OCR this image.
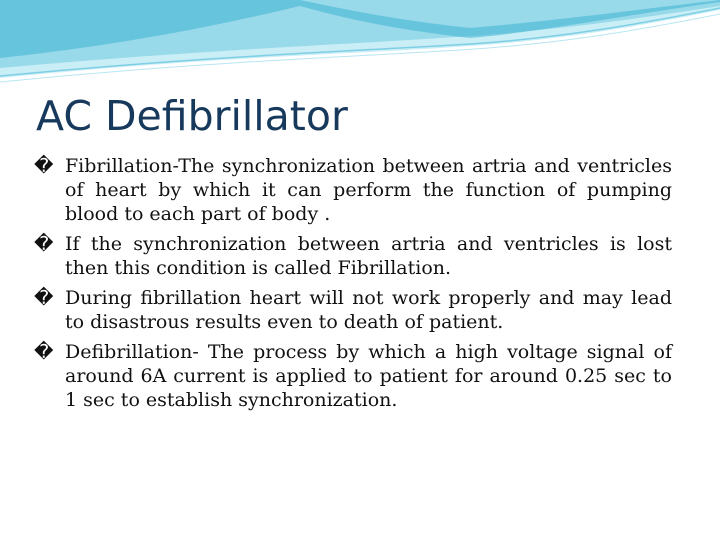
AC Defibrillator
� Fibrillation-The synchronization between artria and ventricles of heart by which it can perform the function of pumping blood to each part of body .
� If the synchronization between artria and ventricles is lost then this condition is called Fibrillation.
� During fibrillation heart will not work properly and may lead to disastrous results even to death of patient.
� Defibrillation- The process by which a high voltage signal of around 6A current is applied to patient for around 0.25 sec to 1 sec to establish synchronization.
